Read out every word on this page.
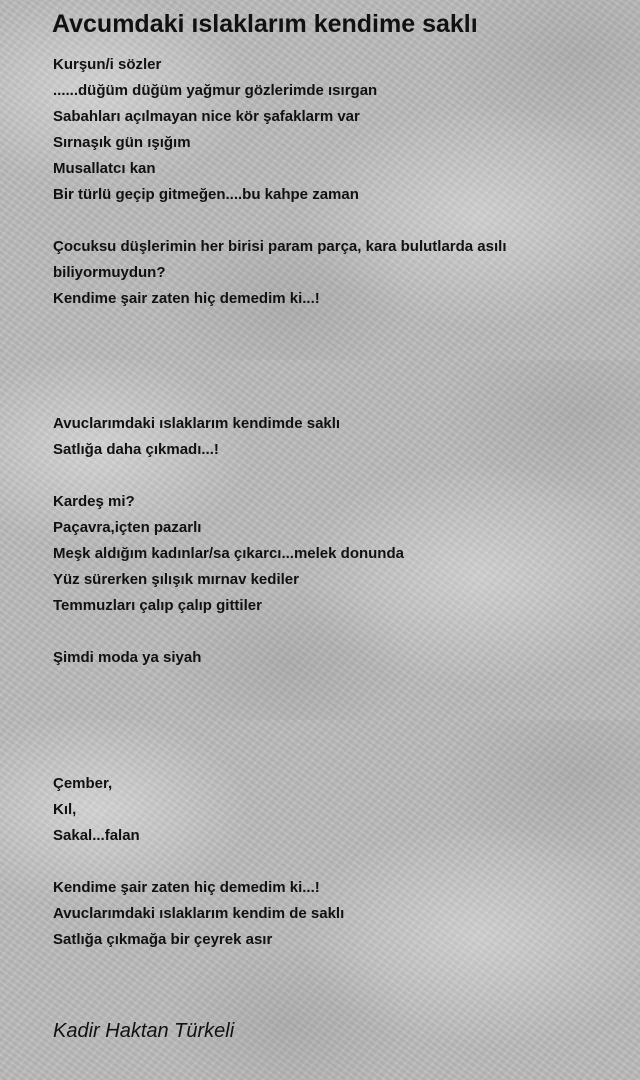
Avcumdaki ıslaklarım kendime saklı
Kurşun/i sözler
......düğüm düğüm yağmur gözlerimde ısırgan
Sabahları açılmayan nice kör şafaklarm var
Sırnaşık gün ışığım
Musallatcı kan
Bir türlü geçip gitmeğen....bu kahpe zaman
Çocuksu düşlerimin her birisi param parça, kara bulutlarda asılı
biliyormuydun?
Kendime şair zaten hiç demedim ki...!
Avuclarımdaki ıslaklarım kendimde saklı
Satlığa daha çıkmadı...!
Kardeş mi?
Paçavra,içten pazarlı
Meşk aldığım kadınlar/sa çıkarcı...melek donunda
Yüz sürerken şılışık mırnav kediler
Temmuzları çalıp çalıp gittiler
Şimdi moda ya siyah
Çember,
Kıl,
Sakal...falan
Kendime şair zaten hiç demedim ki...!
Avuclarımdaki ıslaklarım kendim de saklı
Satlığa çıkmağa bir çeyrek asır
Kadir Haktan Türkeli
